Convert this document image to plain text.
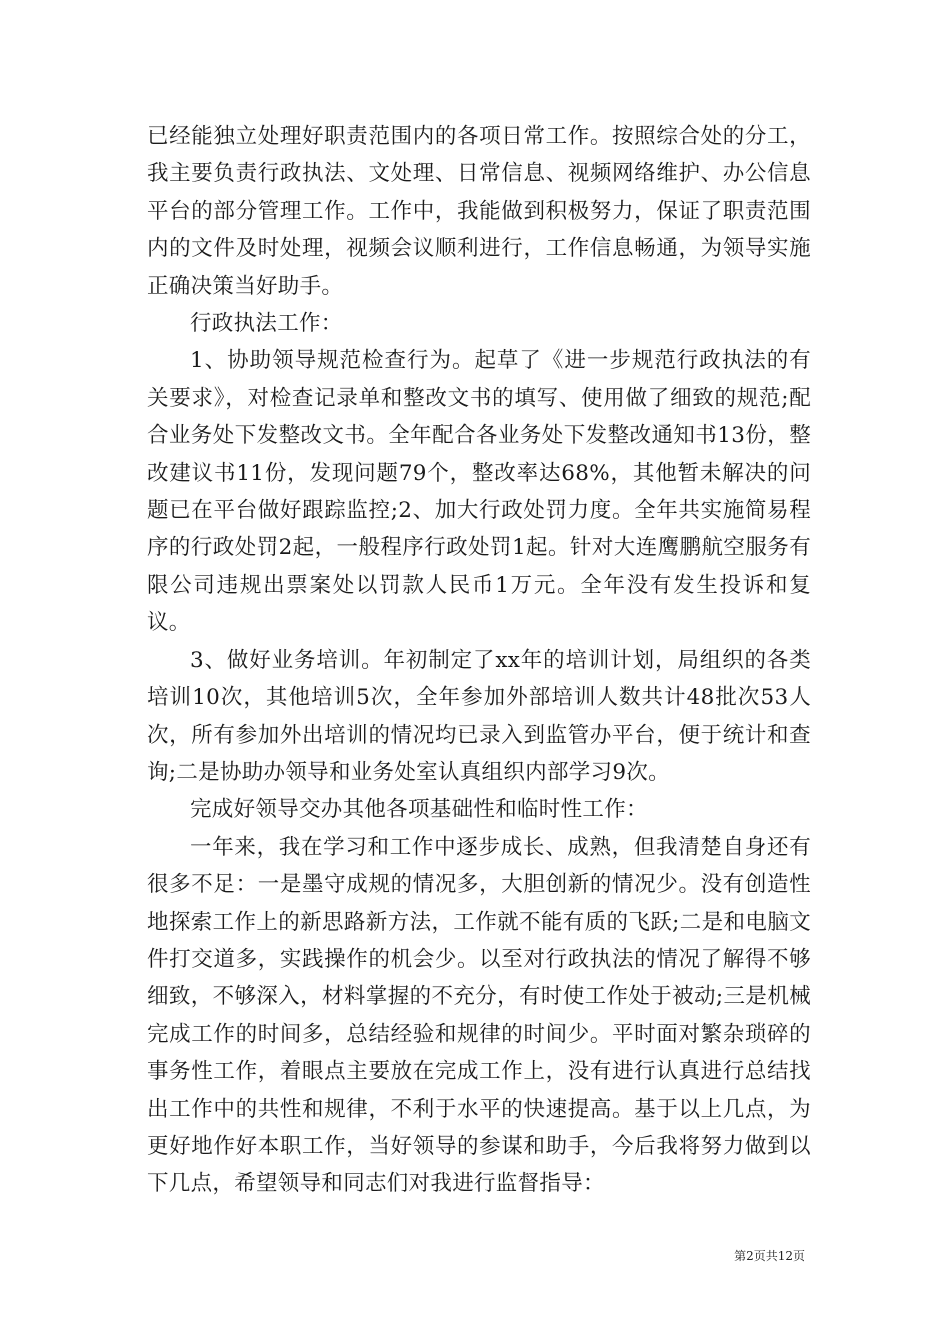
已经能独立处理好职责范围内的各项日常工作。按照综合处的分工，我主要负责行政执法、文处理、日常信息、视频网络维护、办公信息平台的部分管理工作。工作中，我能做到积极努力，保证了职责范围内的文件及时处理，视频会议顺利进行，工作信息畅通，为领导实施正确决策当好助手。

行政执法工作：

1、协助领导规范检查行为。起草了《进一步规范行政执法的有关要求》，对检查记录单和整改文书的填写、使用做了细致的规范;配合业务处下发整改文书。全年配合各业务处下发整改通知书13份，整改建议书11份，发现问题79个，整改率达68%，其他暂未解决的问题已在平台做好跟踪监控;2、加大行政处罚力度。全年共实施简易程序的行政处罚2起，一般程序行政处罚1起。针对大连鹰鹏航空服务有限公司违规出票案处以罚款人民币1万元。全年没有发生投诉和复议。

3、做好业务培训。年初制定了xx年的培训计划，局组织的各类培训10次，其他培训5次，全年参加外部培训人数共计48批次53人次，所有参加外出培训的情况均已录入到监管办平台，便于统计和查询;二是协助办领导和业务处室认真组织内部学习9次。

完成好领导交办其他各项基础性和临时性工作：

一年来，我在学习和工作中逐步成长、成熟，但我清楚自身还有很多不足：一是墨守成规的情况多，大胆创新的情况少。没有创造性地探索工作上的新思路新方法，工作就不能有质的飞跃;二是和电脑文件打交道多，实践操作的机会少。以至对行政执法的情况了解得不够细致，不够深入，材料掌握的不充分，有时使工作处于被动;三是机械完成工作的时间多，总结经验和规律的时间少。平时面对繁杂琐碎的事务性工作，着眼点主要放在完成工作上，没有进行认真进行总结找出工作中的共性和规律，不利于水平的快速提高。基于以上几点，为更好地作好本职工作，当好领导的参谋和助手，今后我将努力做到以下几点，希望领导和同志们对我进行监督指导：

第2页共12页
